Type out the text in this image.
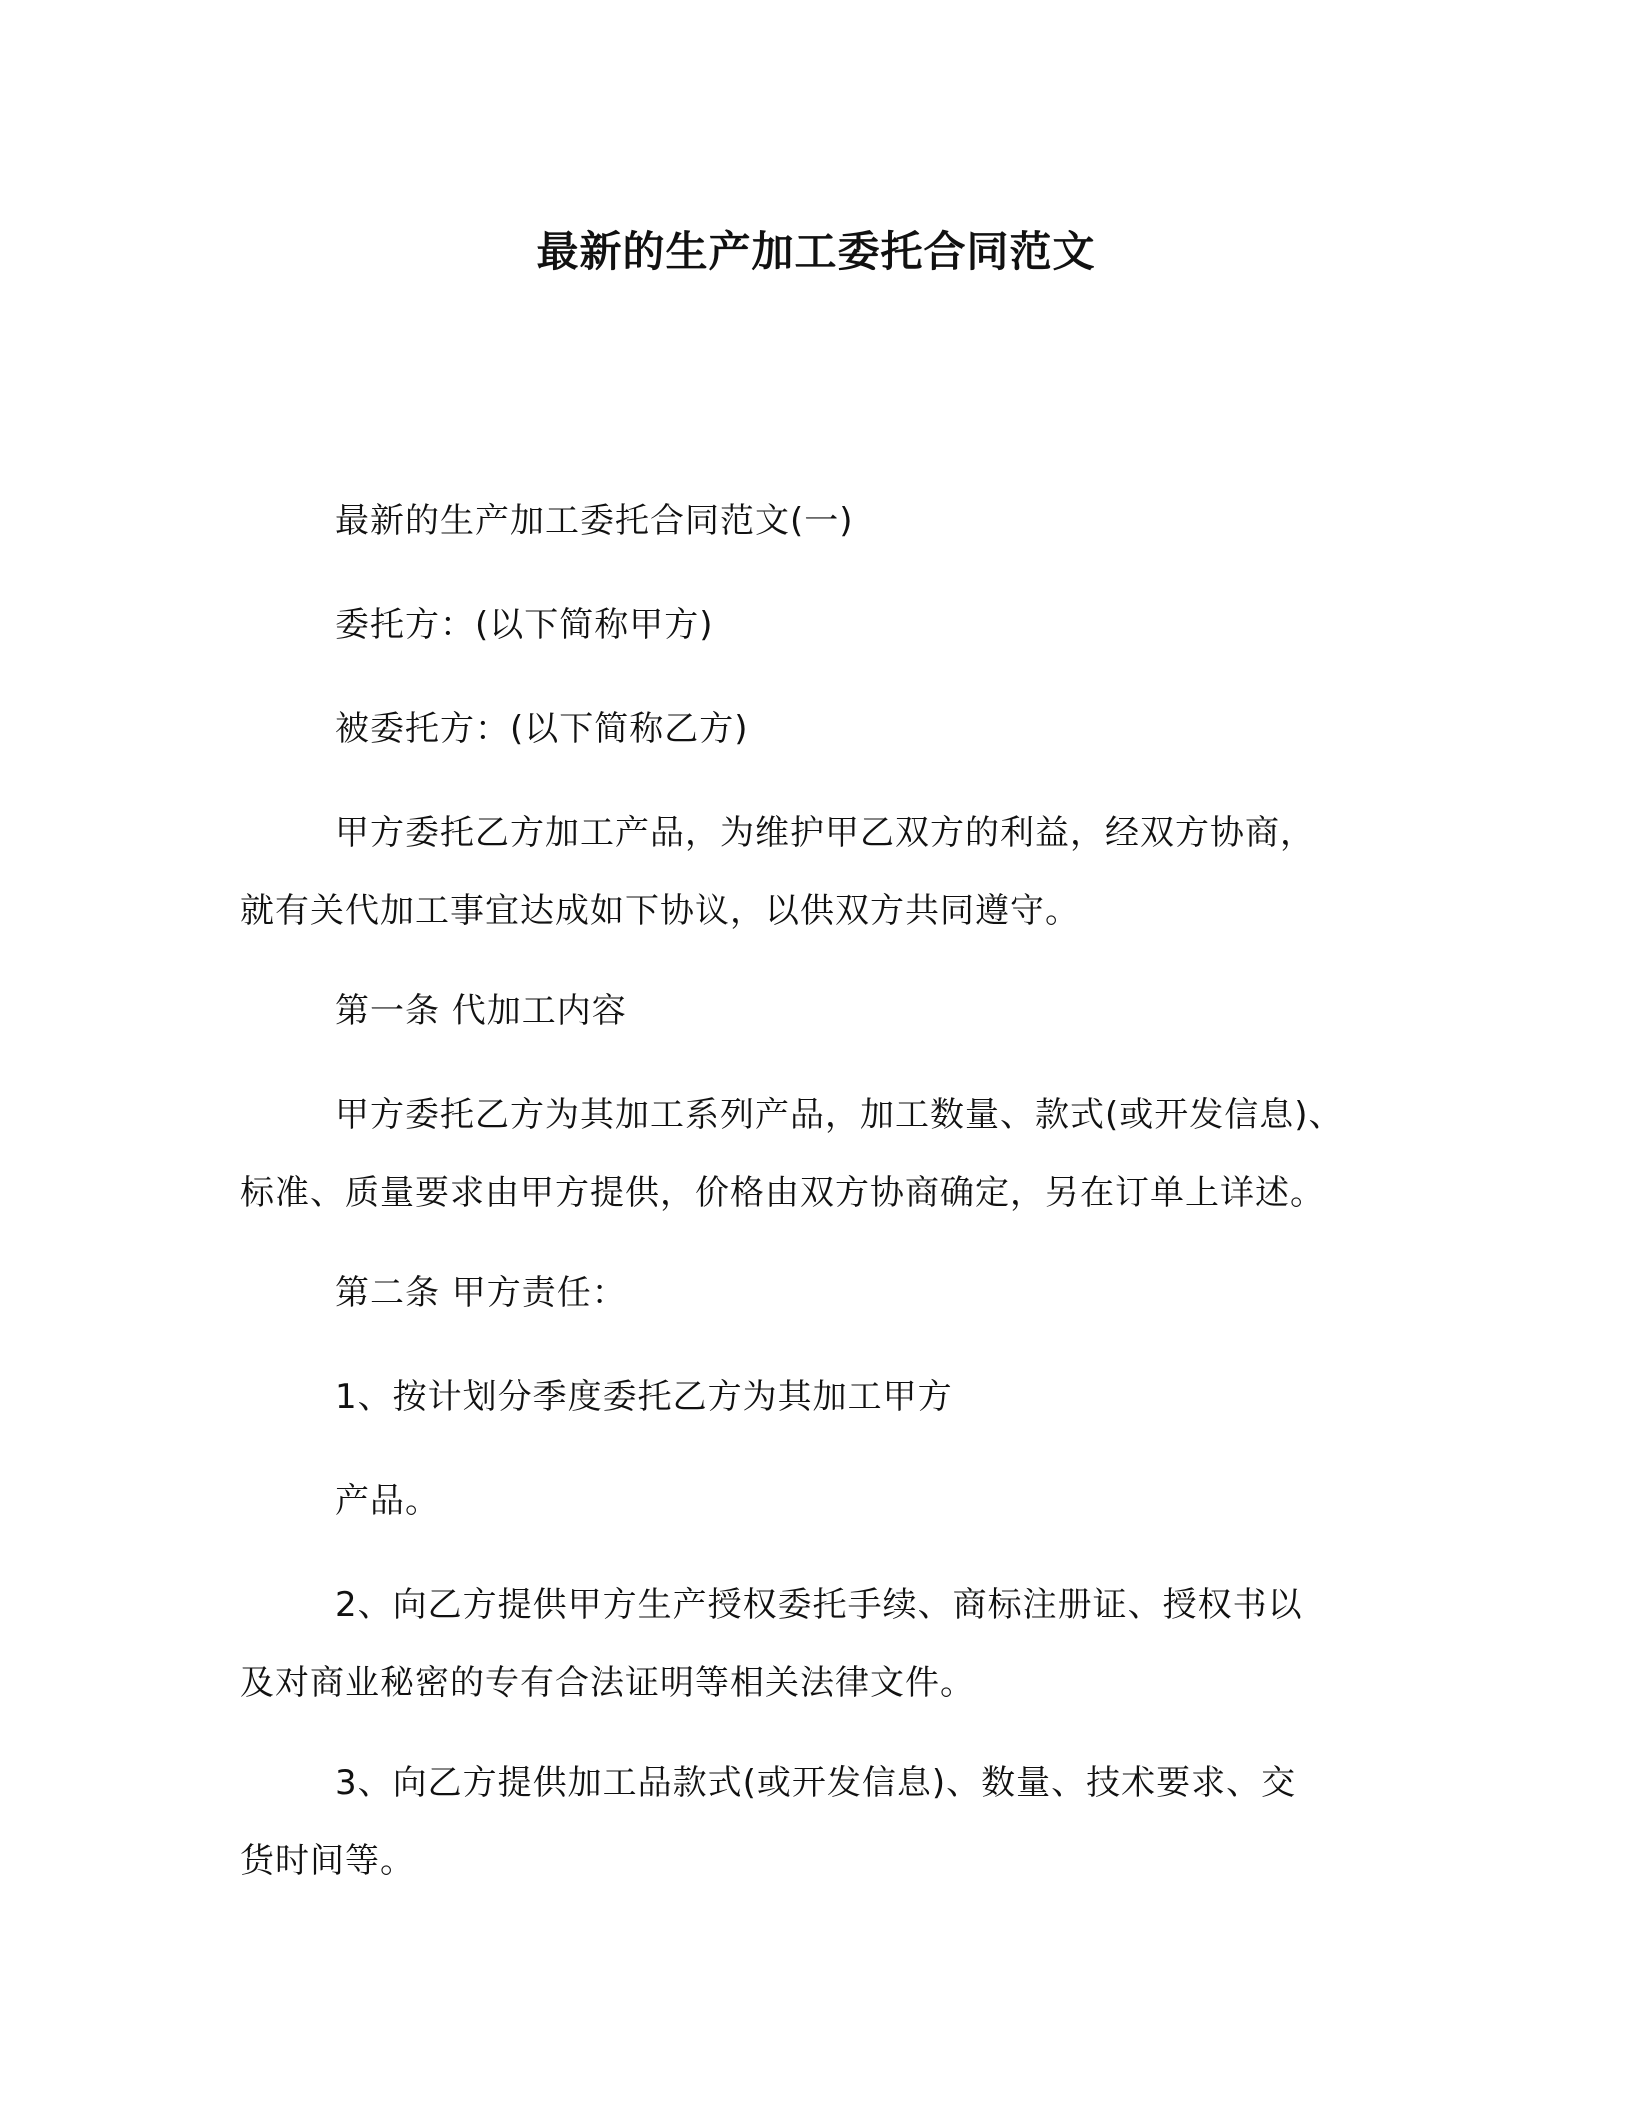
最新的生产加工委托合同范文
最新的生产加工委托合同范文(一)
委托方：(以下简称甲方)
被委托方：(以下简称乙方)
甲方委托乙方加工产品，为维护甲乙双方的利益，经双方协商，
就有关代加工事宜达成如下协议，以供双方共同遵守。
第一条 代加工内容
甲方委托乙方为其加工系列产品，加工数量、款式(或开发信息)、
标准、质量要求由甲方提供，价格由双方协商确定，另在订单上详述。
第二条 甲方责任：
1、按计划分季度委托乙方为其加工甲方
产品。
2、向乙方提供甲方生产授权委托手续、商标注册证、授权书以
及对商业秘密的专有合法证明等相关法律文件。
3、向乙方提供加工品款式(或开发信息)、数量、技术要求、交
货时间等。
